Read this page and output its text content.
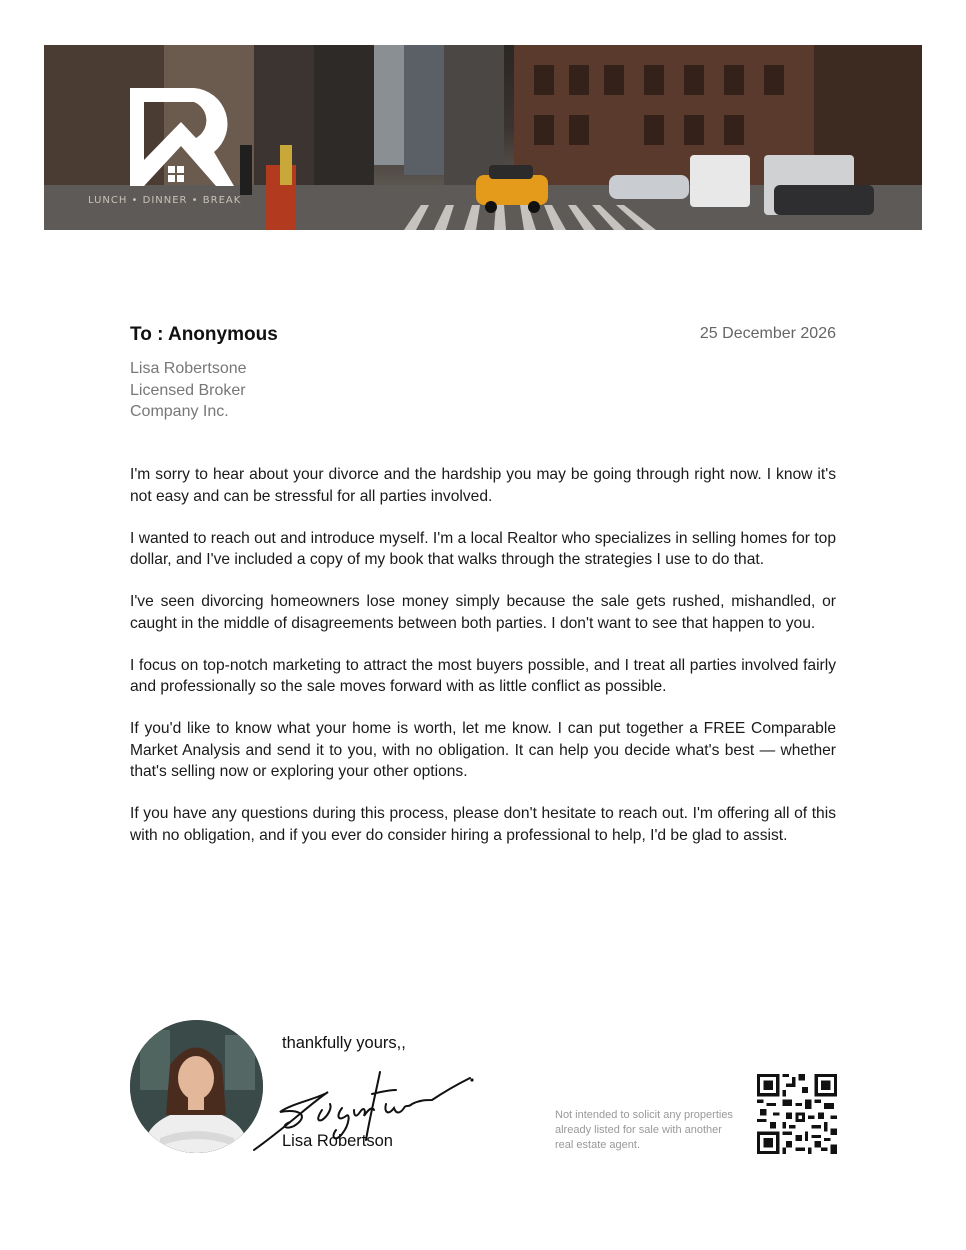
LUNCH • DINNER • BREAK
To : Anonymous	25 December 2026
Lisa Robertsone
Licensed Broker
Company Inc.

I'm sorry to hear about your divorce and the hardship you may be going through right now. I know it's not easy and can be stressful for all parties involved.

I wanted to reach out and introduce myself. I'm a local Realtor who specializes in selling homes for top dollar, and I've included a copy of my book that walks through the strategies I use to do that.

I've seen divorcing homeowners lose money simply because the sale gets rushed, mishandled, or caught in the middle of disagreements between both parties. I don't want to see that happen to you.

I focus on top-notch marketing to attract the most buyers possible, and I treat all parties involved fairly and professionally so the sale moves forward with as little conflict as possible.

If you'd like to know what your home is worth, let me know. I can put together a FREE Comparable Market Analysis and send it to you, with no obligation. It can help you decide what's best — whether that's selling now or exploring your other options.

If you have any questions during this process, please don't hesitate to reach out. I'm offering all of this with no obligation, and if you ever do consider hiring a professional to help, I'd be glad to assist.

thankfully yours,,
Lisa Robertson
Not intended to solicit any properties already listed for sale with another real estate agent.
